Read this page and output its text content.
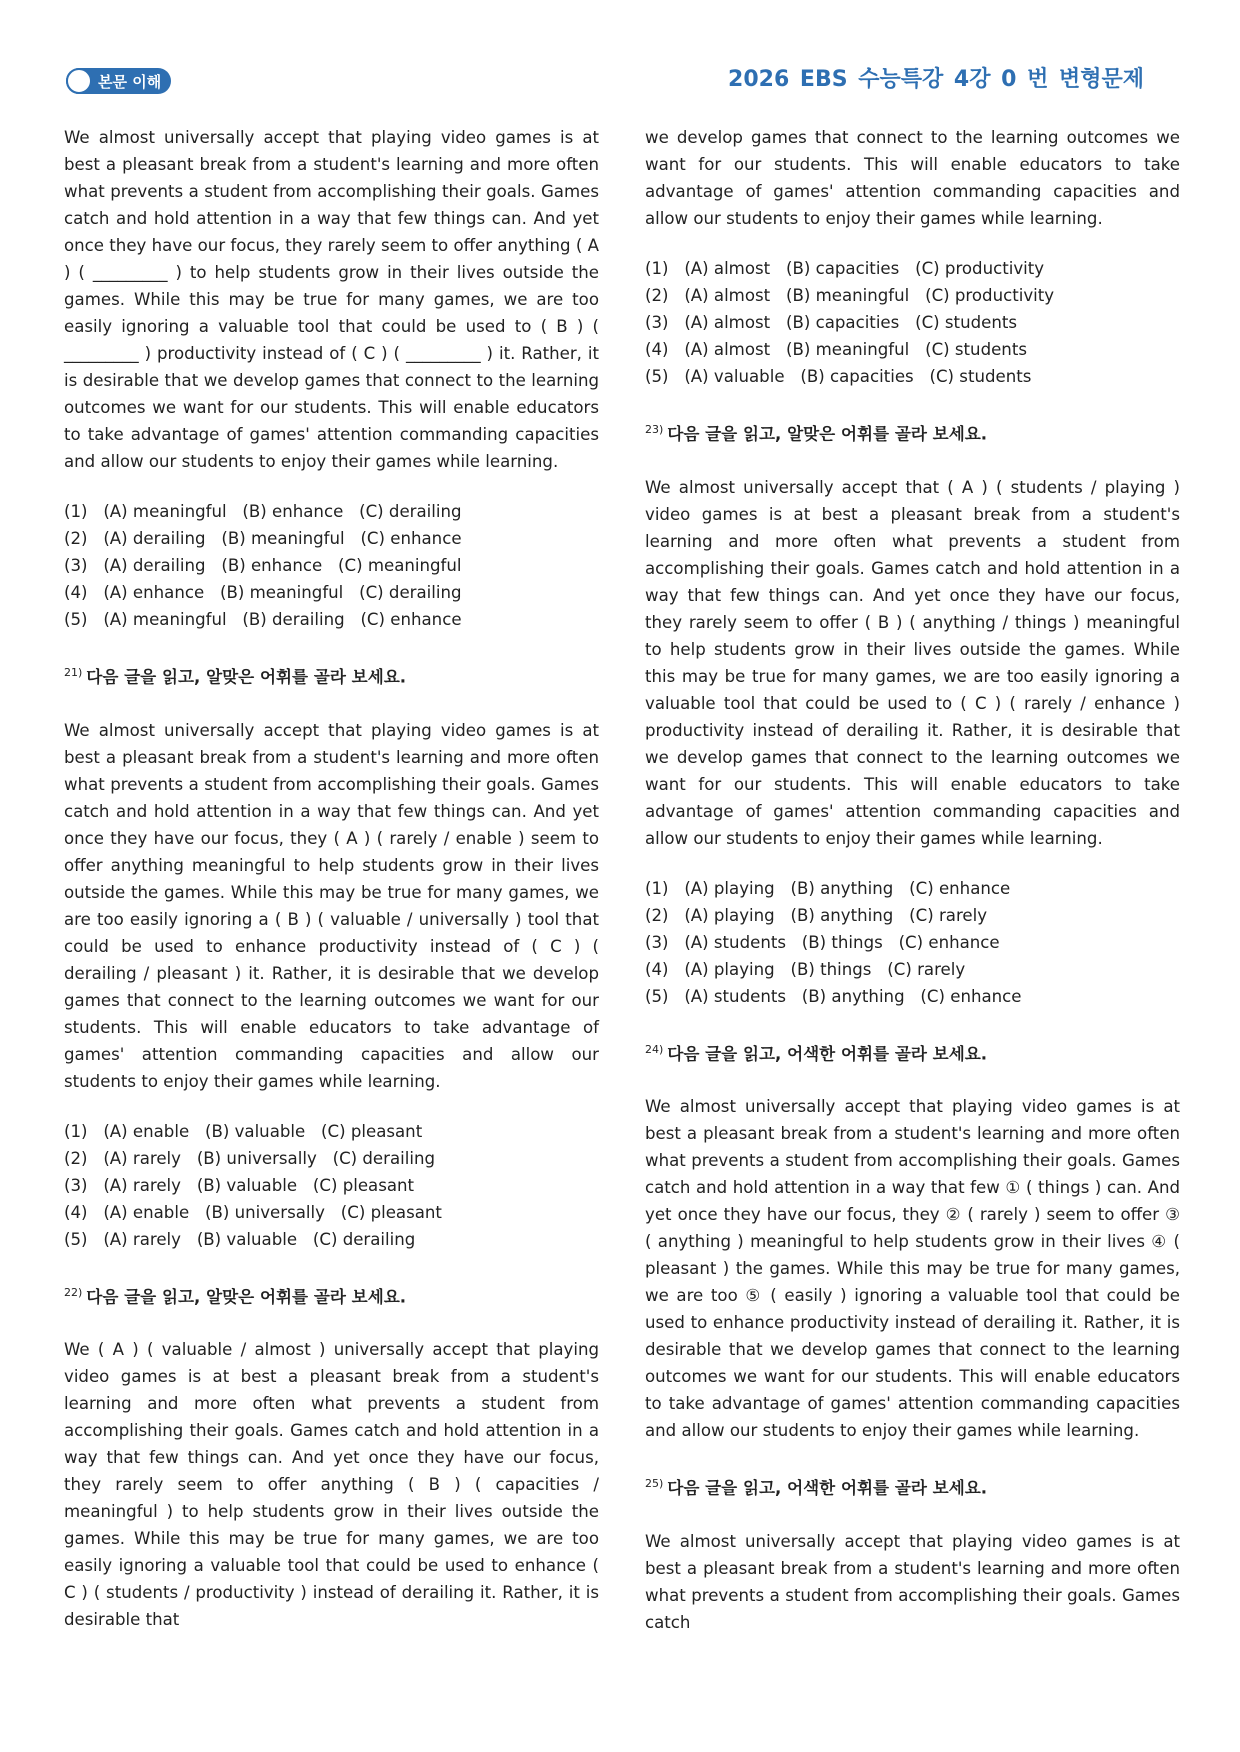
본문 이해	2026 EBS 수능특강 4강 0 번 변형문제

We almost universally accept that playing video games is at best a pleasant break from a student's learning and more often what prevents a student from accomplishing their goals. Games catch and hold attention in a way that few things can. And yet once they have our focus, they rarely seem to offer anything ( A ) ( _________ ) to help students grow in their lives outside the games. While this may be true for many games, we are too easily ignoring a valuable tool that could be used to ( B ) ( _________ ) productivity instead of ( C ) ( _________ ) it. Rather, it is desirable that we develop games that connect to the learning outcomes we want for our students. This will enable educators to take advantage of games' attention commanding capacities and allow our students to enjoy their games while learning.

(1)   (A) meaningful   (B) enhance   (C) derailing
(2)   (A) derailing   (B) meaningful   (C) enhance
(3)   (A) derailing   (B) enhance   (C) meaningful
(4)   (A) enhance   (B) meaningful   (C) derailing
(5)   (A) meaningful   (B) derailing   (C) enhance
$^{21)}$ 다음 글을 읽고, 알맞은 어휘를 골라 보세요.

We almost universally accept that playing video games is at best a pleasant break from a student's learning and more often what prevents a student from accomplishing their goals. Games catch and hold attention in a way that few things can. And yet once they have our focus, they ( A ) ( rarely / enable ) seem to offer anything meaningful to help students grow in their lives outside the games. While this may be true for many games, we are too easily ignoring a ( B ) ( valuable / universally ) tool that could be used to enhance productivity instead of ( C ) ( derailing / pleasant ) it. Rather, it is desirable that we develop games that connect to the learning outcomes we want for our students. This will enable educators to take advantage of games' attention commanding capacities and allow our students to enjoy their games while learning.

(1)   (A) enable   (B) valuable   (C) pleasant
(2)   (A) rarely   (B) universally   (C) derailing
(3)   (A) rarely   (B) valuable   (C) pleasant
(4)   (A) enable   (B) universally   (C) pleasant
(5)   (A) rarely   (B) valuable   (C) derailing
$^{22)}$ 다음 글을 읽고, 알맞은 어휘를 골라 보세요.

We ( A ) ( valuable / almost ) universally accept that playing video games is at best a pleasant break from a student's learning and more often what prevents a student from accomplishing their goals. Games catch and hold attention in a way that few things can. And yet once they have our focus, they rarely seem to offer anything ( B ) ( capacities / meaningful ) to help students grow in their lives outside the games. While this may be true for many games, we are too easily ignoring a valuable tool that could be used to enhance ( C ) ( students / productivity ) instead of derailing it. Rather, it is desirable that

we develop games that connect to the learning outcomes we want for our students. This will enable educators to take advantage of games' attention commanding capacities and allow our students to enjoy their games while learning.

(1)   (A) almost   (B) capacities   (C) productivity
(2)   (A) almost   (B) meaningful   (C) productivity
(3)   (A) almost   (B) capacities   (C) students
(4)   (A) almost   (B) meaningful   (C) students
(5)   (A) valuable   (B) capacities   (C) students
$^{23)}$ 다음 글을 읽고, 알맞은 어휘를 골라 보세요.

We almost universally accept that ( A ) ( students / playing ) video games is at best a pleasant break from a student's learning and more often what prevents a student from accomplishing their goals. Games catch and hold attention in a way that few things can. And yet once they have our focus, they rarely seem to offer ( B ) ( anything / things ) meaningful to help students grow in their lives outside the games. While this may be true for many games, we are too easily ignoring a valuable tool that could be used to ( C ) ( rarely / enhance ) productivity instead of derailing it. Rather, it is desirable that we develop games that connect to the learning outcomes we want for our students. This will enable educators to take advantage of games' attention commanding capacities and allow our students to enjoy their games while learning.

(1)   (A) playing   (B) anything   (C) enhance
(2)   (A) playing   (B) anything   (C) rarely
(3)   (A) students   (B) things   (C) enhance
(4)   (A) playing   (B) things   (C) rarely
(5)   (A) students   (B) anything   (C) enhance
$^{24)}$ 다음 글을 읽고, 어색한 어휘를 골라 보세요.

We almost universally accept that playing video games is at best a pleasant break from a student's learning and more often what prevents a student from accomplishing their goals. Games catch and hold attention in a way that few ① ( things ) can. And yet once they have our focus, they ② ( rarely ) seem to offer ③ ( anything ) meaningful to help students grow in their lives ④ ( pleasant ) the games. While this may be true for many games, we are too ⑤ ( easily ) ignoring a valuable tool that could be used to enhance productivity instead of derailing it. Rather, it is desirable that we develop games that connect to the learning outcomes we want for our students. This will enable educators to take advantage of games' attention commanding capacities and allow our students to enjoy their games while learning.

$^{25)}$ 다음 글을 읽고, 어색한 어휘를 골라 보세요.

We almost universally accept that playing video games is at best a pleasant break from a student's learning and more often what prevents a student from accomplishing their goals. Games catch
